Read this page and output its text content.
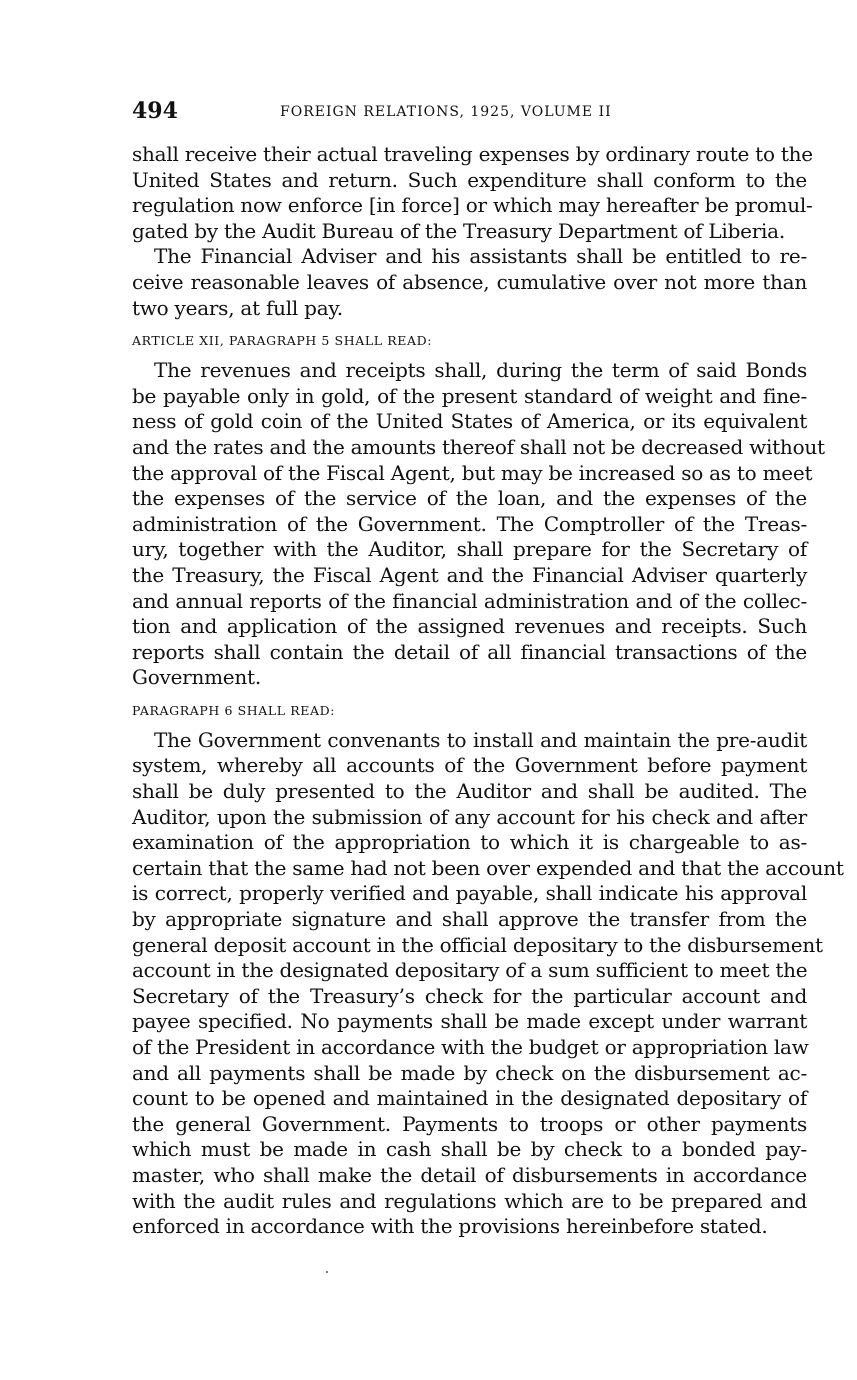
494	FOREIGN RELATIONS, 1925, VOLUME II
shall receive their actual traveling expenses by ordinary route to the
United States and return. Such expenditure shall conform to the
regulation now enforce [in force] or which may hereafter be promul-
gated by the Audit Bureau of the Treasury Department of Liberia.
The Financial Adviser and his assistants shall be entitled to re-
ceive reasonable leaves of absence, cumulative over not more than
two years, at full pay.
ARTICLE XII, PARAGRAPH 5 SHALL READ:
The revenues and receipts shall, during the term of said Bonds
be payable only in gold, of the present standard of weight and fine-
ness of gold coin of the United States of America, or its equivalent
and the rates and the amounts thereof shall not be decreased without
the approval of the Fiscal Agent, but may be increased so as to meet
the expenses of the service of the loan, and the expenses of the
administration of the Government. The Comptroller of the Treas-
ury, together with the Auditor, shall prepare for the Secretary of
the Treasury, the Fiscal Agent and the Financial Adviser quarterly
and annual reports of the financial administration and of the collec-
tion and application of the assigned revenues and receipts. Such
reports shall contain the detail of all financial transactions of the
Government.
PARAGRAPH 6 SHALL READ:
The Government convenants to install and maintain the pre-audit
system, whereby all accounts of the Government before payment
shall be duly presented to the Auditor and shall be audited. The
Auditor, upon the submission of any account for his check and after
examination of the appropriation to which it is chargeable to as-
certain that the same had not been over expended and that the account
is correct, properly verified and payable, shall indicate his approval
by appropriate signature and shall approve the transfer from the
general deposit account in the official depositary to the disbursement
account in the designated depositary of a sum sufficient to meet the
Secretary of the Treasury’s check for the particular account and
payee specified. No payments shall be made except under warrant
of the President in accordance with the budget or appropriation law
and all payments shall be made by check on the disbursement ac-
count to be opened and maintained in the designated depositary of
the general Government. Payments to troops or other payments
which must be made in cash shall be by check to a bonded pay-
master, who shall make the detail of disbursements in accordance
with the audit rules and regulations which are to be prepared and
enforced in accordance with the provisions hereinbefore stated.
